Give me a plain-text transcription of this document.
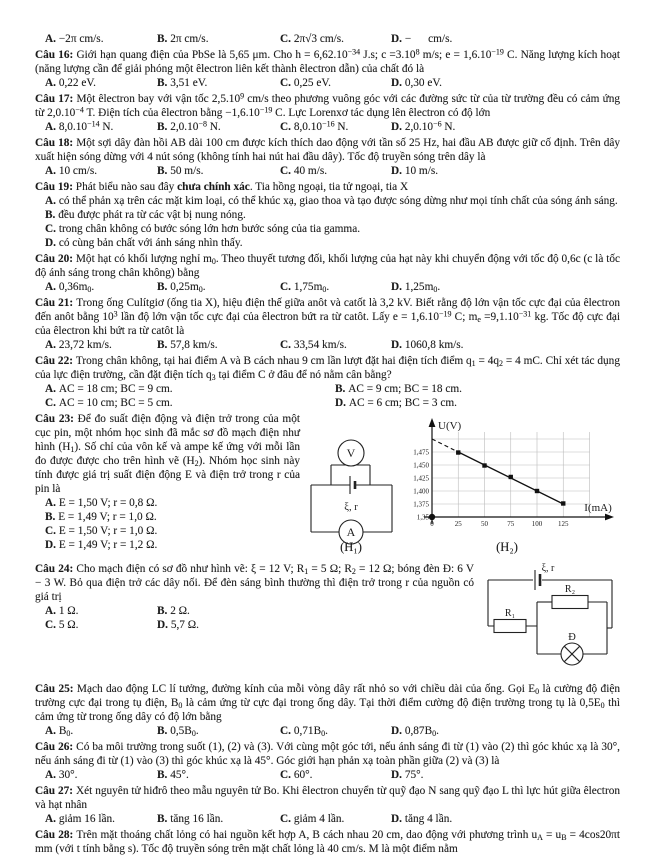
A. −2π cm/s.	B. 2π cm/s.	C. 2π√3 cm/s.	D. −      cm/s.
Câu 16: Giới hạn quang điện của PbSe là 5,65 μm. Cho $h = 6,62.10^{-34}$ J.s; $c =3.10^8$ m/s; $e = 1,6.10^{-19}$ C. Năng lượng kích hoạt (năng lượng cần để giải phóng một êlectron liên kết thành êlectron dẫn) của chất đó là
A. 0,22 eV.	B. 3,51 eV.	C. 0,25 eV.	D. 0,30 eV.
Câu 17: Một êlectron bay với vận tốc 2,5.10$^9$ cm/s theo phương vuông góc với các đường sức từ của từ trường đều có cảm ứng từ $2,0.10^{-4}$ T. Điện tích của êlectron bằng $-1,6.10^{-19}$ C. Lực Lorenxơ tác dụng lên êlectron có độ lớn
A. $8,0.10^{-14}$ N.	B. $2,0.10^{-8}$ N.	C. $8,0.10^{-16}$ N.	D. $2,0.10^{-6}$ N.
Câu 18: Một sợi dây đàn hồi AB dài 100 cm được kích thích dao động với tần số 25 Hz, hai đầu AB được giữ cố định. Trên dây xuất hiện sóng dừng với 4 nút sóng (không tính hai nút hai đầu dây). Tốc độ truyền sóng trên dây là
A. 10 cm/s.	B. 50 m/s.	C. 40 m/s.	D. 10 m/s.
Câu 19: Phát biểu nào sau đây chưa chính xác. Tia hồng ngoại, tia tử ngoại, tia X
A. có thể phản xạ trên các mặt kim loại, có thể khúc xạ, giao thoa và tạo được sóng dừng như mọi tính chất của sóng ánh sáng.
B. đều được phát ra từ các vật bị nung nóng.
C. trong chân không có bước sóng lớn hơn bước sóng của tia gamma.
D. có cùng bản chất với ánh sáng nhìn thấy.
Câu 20: Một hạt có khối lượng nghỉ $m_0$. Theo thuyết tương đối, khối lượng của hạt này khi chuyển động với tốc độ 0,6c (c là tốc độ ánh sáng trong chân không) bằng
A. $0,36m_0$.	B. $0,25m_0$.	C. $1,75m_0$.	D. $1,25m_0$.
Câu 21: Trong ống Culítgiơ (ống tia X), hiệu điện thế giữa anôt và catốt là 3,2 kV. Biết rằng độ lớn vận tốc cực đại của êlectron đến anôt bằng $10^3$ lần độ lớn vận tốc cực đại của êlectron bứt ra từ catôt. Lấy $e = 1,6.10^{-19}$ C; $m_e =9,1.10^{-31}$ kg. Tốc độ cực đại của êlectron khi bứt ra từ catôt là
A. 23,72 km/s.	B. 57,8 km/s.	C. 33,54 km/s.	D. 1060,8 km/s.
Câu 22: Trong chân không, tại hai điểm A và B cách nhau 9 cm lần lượt đặt hai điện tích điểm $q_1 = 4q_2 = 4$ mC. Chỉ xét tác dụng của lực điện trường, cần đặt điện tích $q_3$ tại điểm C ở đâu để nó nằm cân bằng?
A. AC = 18 cm; BC = 9 cm.	B. AC = 9 cm; BC = 18 cm.
C. AC = 10 cm; BC = 5 cm.	D. AC = 6 cm; BC = 3 cm.
V
A
ξ, r
1,475
1,450
1,425
1,400
1,375
1,35
0	25	50	75	100 125
U(V)
I(mA)
(H₁)	(H₂)
Câu 23: Để đo suất điện động và điện trở trong của một cục pin, một nhóm học sinh đã mắc sơ đồ mạch điện như hình $(H_1)$. Số chỉ của vôn kế và ampe kế ứng với mỗi lần đo được được cho trên hình vẽ $(H_2)$. Nhóm học sinh này tính được giá trị suất điện động E và điện trở trong r của pin là
A. E = 1,50 V; r = 0,8 Ω.
B. E = 1,49 V; r = 1,0 Ω.
C. E = 1,50 V; r = 1,0 Ω.
D. E = 1,49 V; r = 1,2 Ω.
ξ, r
R₁
R₂
Đ
Câu 24: Cho mạch điện có sơ đồ như hình vẽ: ξ = 12 V; $R_1 = 5$ Ω; $R_2 = 12$ Ω; bóng đèn Đ: 6 V − 3 W. Bỏ qua điện trở các dây nối. Để đèn sáng bình thường thì điện trở trong r của nguồn có giá trị
A. 1 Ω.	B. 2 Ω.
C. 5 Ω.	D. 5,7 Ω.
Câu 25: Mạch dao động LC lí tưởng, đường kính của mỗi vòng dây rất nhỏ so với chiều dài của ống. Gọi $E_0$ là cường độ điện trường cực đại trong tụ điện, $B_0$ là cảm ứng từ cực đại trong ống dây. Tại thời điểm cường độ điện trường trong tụ là $0,5E_0$ thì cảm ứng từ trong ống dây có độ lớn bằng
A. $B_0$.	B. $0,5B_0$.	C. $0,71B_0$.	D. $0,87B_0$.
Câu 26: Có ba môi trường trong suốt (1), (2) và (3). Với cùng một góc tới, nếu ánh sáng đi từ (1) vào (2) thì góc khúc xạ là 30°, nếu ánh sáng đi từ (1) vào (3) thì góc khúc xạ là 45°. Góc giới hạn phản xạ toàn phần giữa (2) và (3) là
A. 30°.	B. 45°.	C. 60°.	D. 75°.
Câu 27: Xét nguyên tử hiđrô theo mẫu nguyên tử Bo. Khi êlectron chuyển từ quỹ đạo N sang quỹ đạo L thì lực hút giữa êlectron và hạt nhân
A. giảm 16 lần.	B. tăng 16 lần.	C. giảm 4 lần.	D. tăng 4 lần.
Câu 28: Trên mặt thoáng chất lỏng có hai nguồn kết hợp A, B cách nhau 20 cm, dao động với phương trình $u_A = u_B = 4\cos 20\pi t$ mm (với t tính bằng s). Tốc độ truyền sóng trên mặt chất lỏng là 40 cm/s. M là một điểm nằm
